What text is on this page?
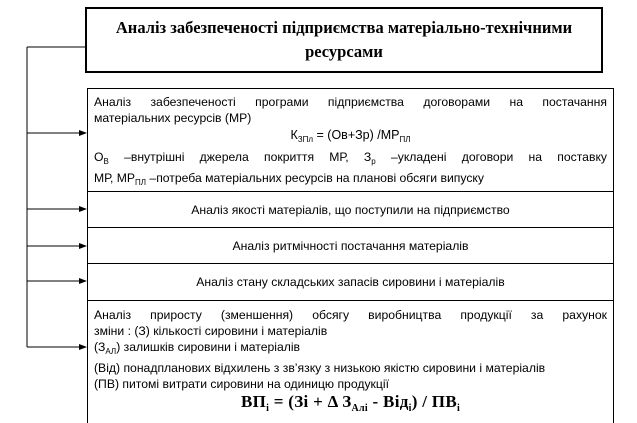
Аналіз забезпеченості підприємства матеріально-технічними ресурсами
Аналіз забезпеченості програми підприємства договорами на постачання
матеріальних ресурсів (МР)
$К_{ЗПл} = (Ов+Зр)$ $/МР_{ПЛ}$
$О_В$ –внутрішні джерела покриття МР, $З_р$ –укладені договори на поставку
МР, $МР_{ПЛ}$ –потреба матеріальних ресурсів на планові обсяги випуску
Аналіз якості матеріалів, що поступили на підприємство
Аналіз ритмічності постачання матеріалів
Аналіз стану складських запасів сировини і матеріалів
Аналіз приросту (зменшення) обсягу виробництва продукції за рахунок
зміни : (З) кількості сировини і матеріалів
$(З_{АЛ})$ залишків сировини і матеріалів
(Від) понадпланових відхилень з зв’язку з низькою якістю сировини і матеріалів
(ПВ) питомі витрати сировини на одиницю продукції
$ВП_і = (Зі + \Delta$ $З_{Алі} - Від_і) / ПВ_і$
